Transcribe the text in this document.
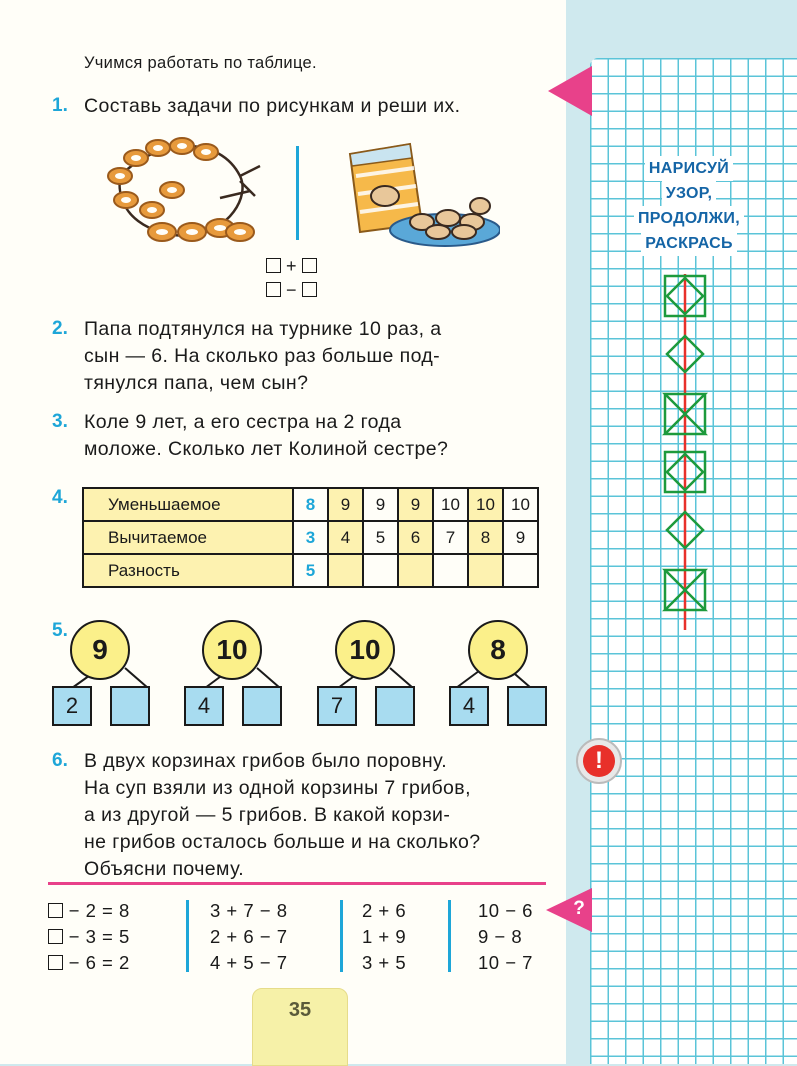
Учимся работать по таблице.
1. Составь задачи по рисункам и реши их.
+
−
2. Папа подтянулся на турнике 10 раз, а
сын — 6. На сколько раз больше под-
тянулся папа, чем сын?
3. Коле 9 лет, а его сестра на 2 года
моложе. Сколько лет Колиной сестре?
4. Уменьшаемое	8	9	9	9	10	10	10
Вычитаемое	3	4	5	6	7	8	9
Разность	5						
5.
9	10	10	8
2	4	7	4
6. В двух корзинах грибов было поровну.
На суп взяли из одной корзины 7 грибов,
а из другой — 5 грибов. В какой корзи-
не грибов осталось больше и на сколько?
Объясни почему.
!
− 2 = 8
− 3 = 5
− 6 = 2
3 + 7 − 8
2 + 6 − 7
4 + 5 − 7
2 + 6
1 + 9
3 + 5
10 − 6
9 − 8
10 − 7
?
35
НАРИСУЙ
УЗОР,
ПРОДОЛЖИ,
РАСКРАСЬ
